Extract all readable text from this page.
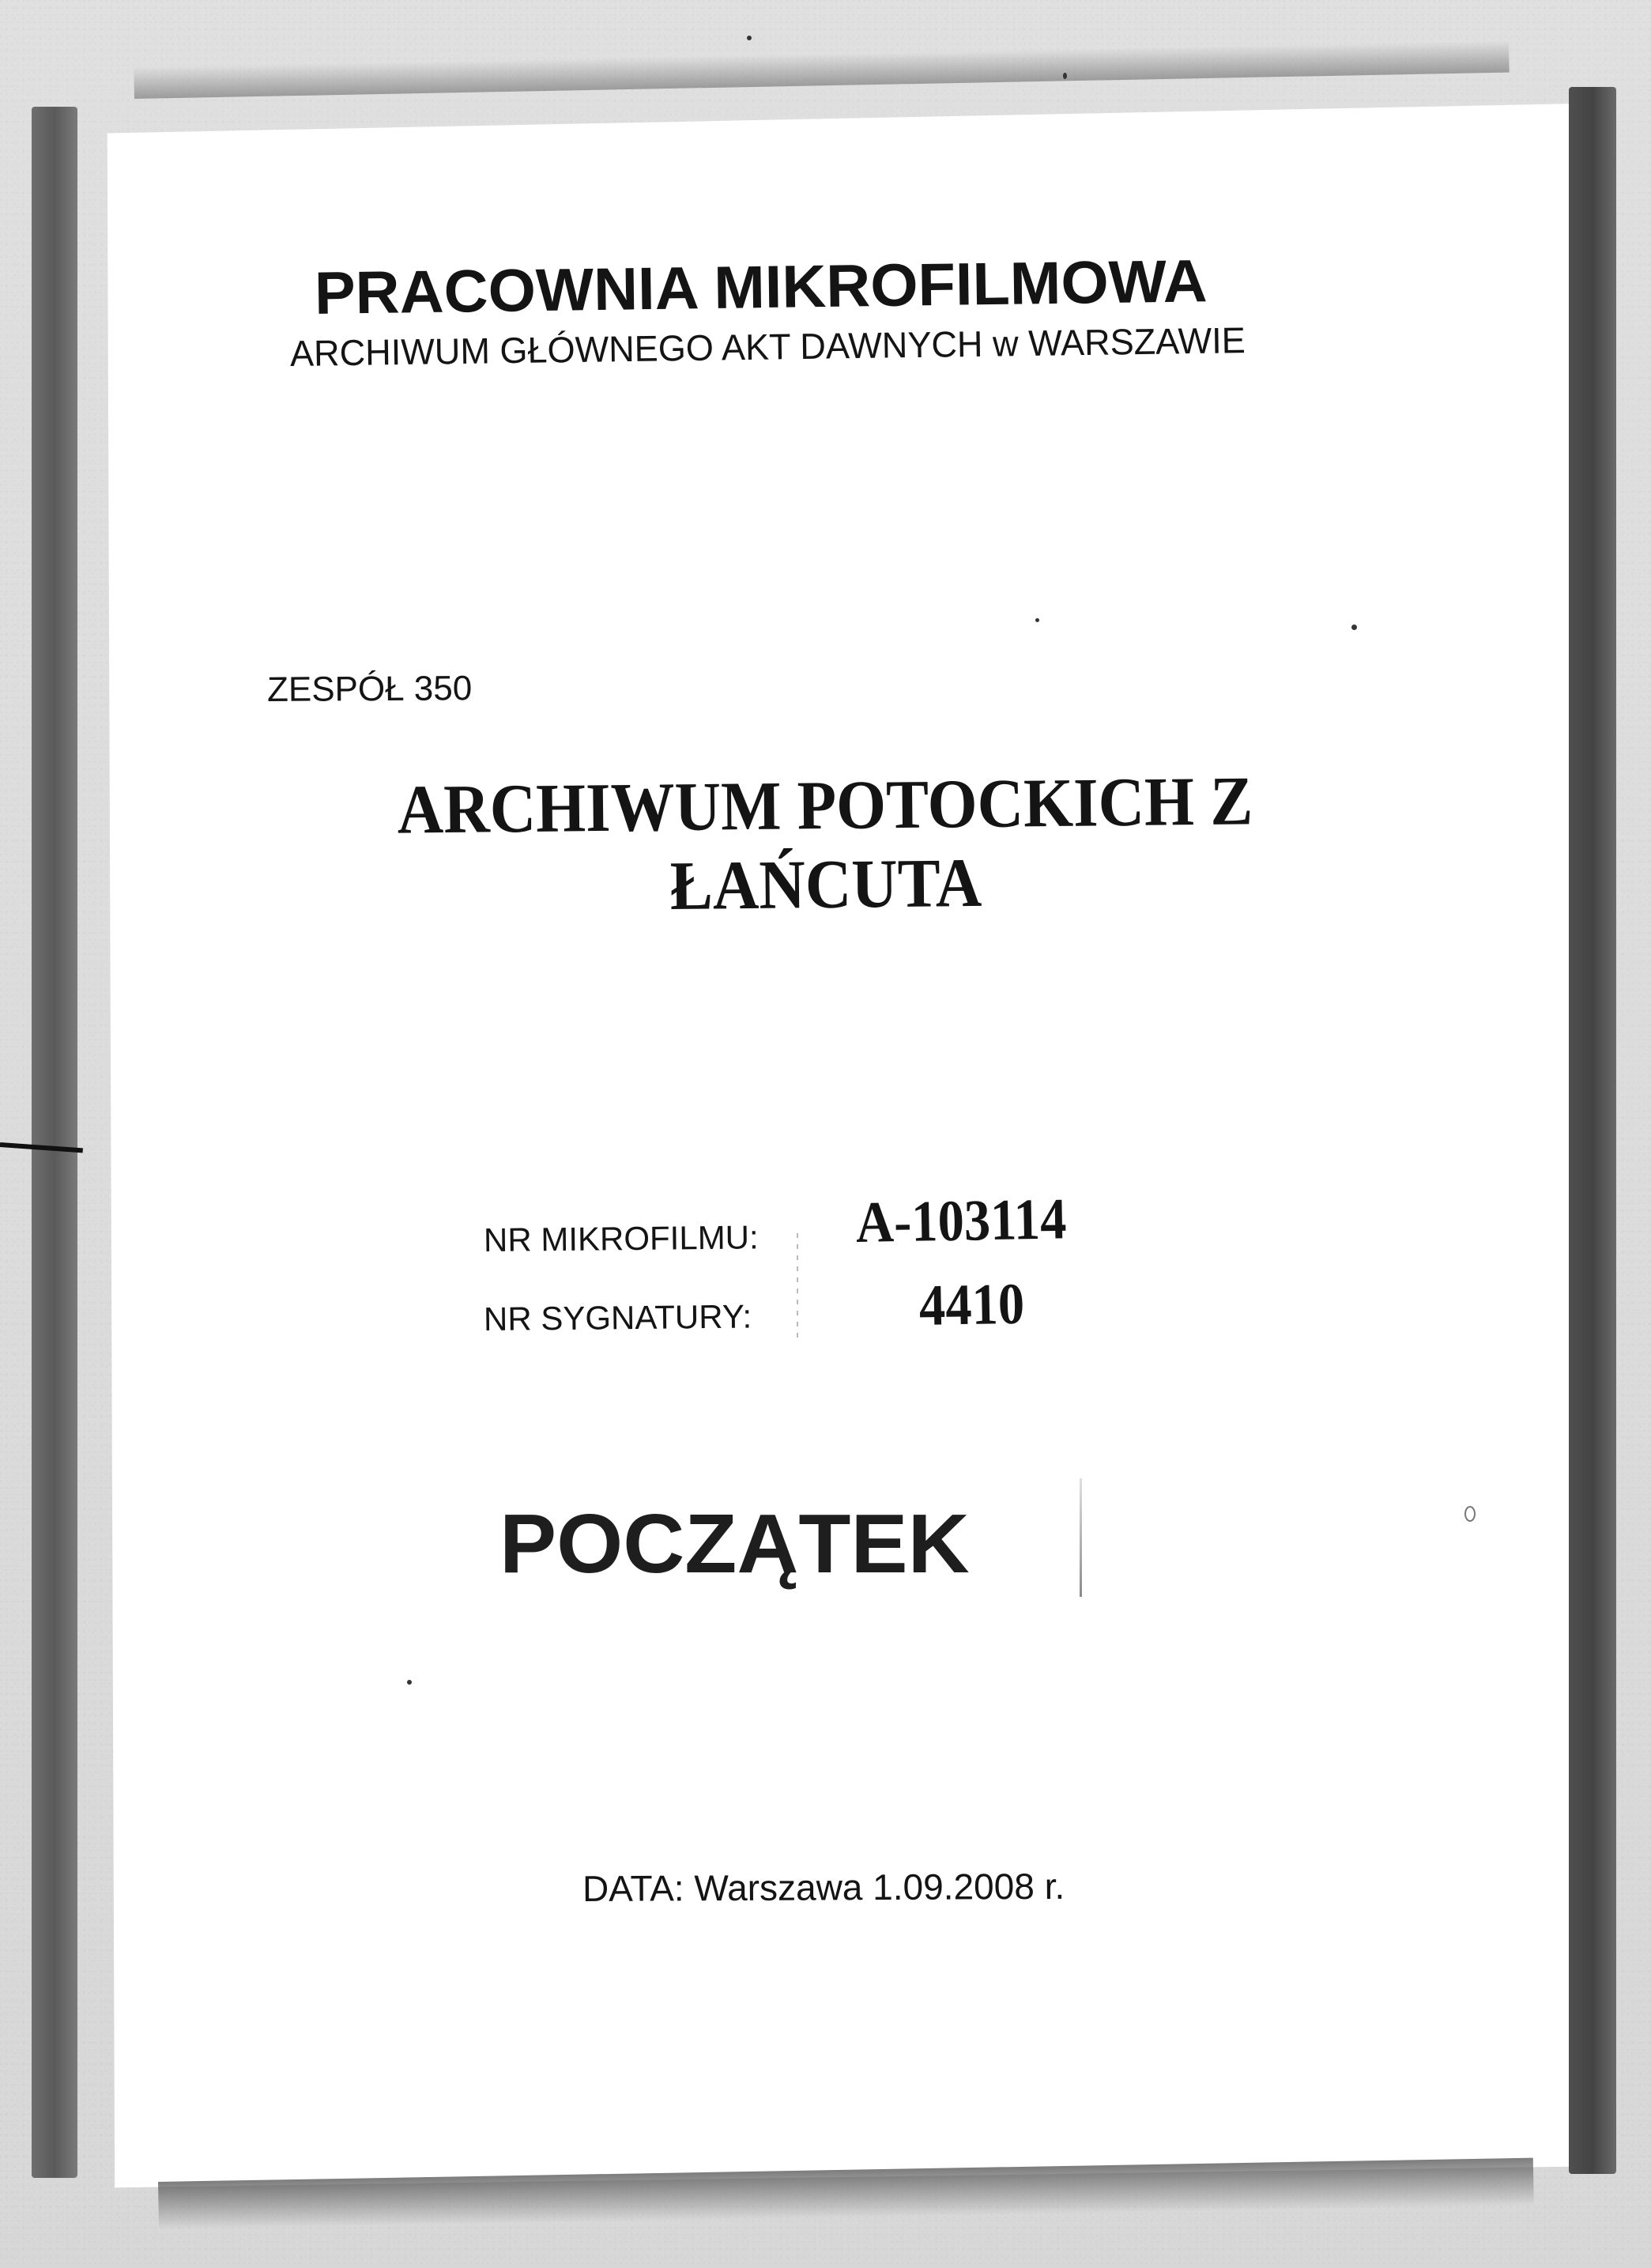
PRACOWNIA MIKROFILMOWA
ARCHIWUM GŁÓWNEGO AKT DAWNYCH w WARSZAWIE
ZESPÓŁ 350
ARCHIWUM POTOCKICH Z
ŁAŃCUTA
NR MIKROFILMU: A-103114
NR SYGNATURY:	4410
POCZĄTEK
DATA: Warszawa 1.09.2008 r.
